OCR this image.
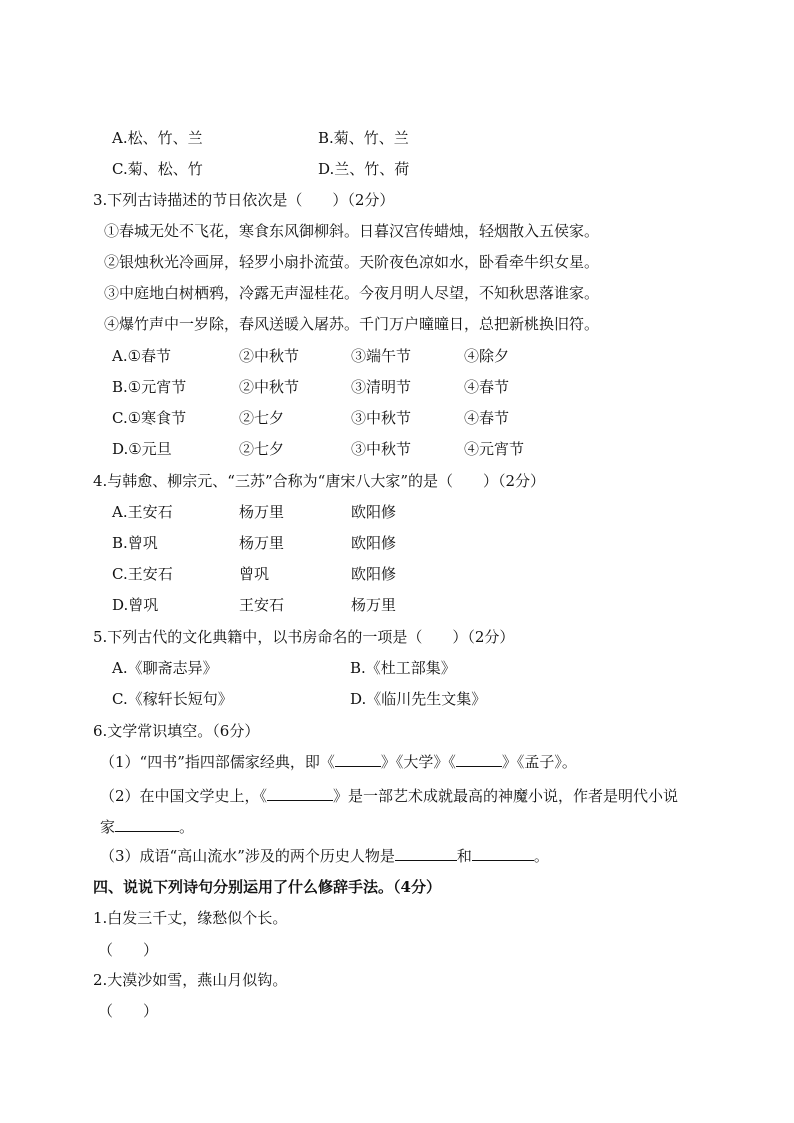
A.松、竹、兰	B.菊、竹、兰
C.菊、松、竹	D.兰、竹、荷
3.下列古诗描述的节日依次是（　　）（2分）
①春城无处不飞花，寒食东风御柳斜。日暮汉宫传蜡烛，轻烟散入五侯家。
②银烛秋光冷画屏，轻罗小扇扑流萤。天阶夜色凉如水，卧看牵牛织女星。
③中庭地白树栖鸦，冷露无声湿桂花。今夜月明人尽望，不知秋思落谁家。
④爆竹声中一岁除，春风送暖入屠苏。千门万户曈曈日，总把新桃换旧符。
A.①春节	②中秋节	③端午节	④除夕
B.①元宵节	②中秋节	③清明节	④春节
C.①寒食节	②七夕	③中秋节	④春节
D.①元旦	②七夕	③中秋节	④元宵节
4.与韩愈、柳宗元、“三苏”合称为“唐宋八大家”的是（　　）（2分）
A.王安石	杨万里	欧阳修
B.曾巩	杨万里	欧阳修
C.王安石	曾巩	欧阳修
D.曾巩	王安石	杨万里
5.下列古代的文化典籍中，以书房命名的一项是（　　）（2分）
A.《聊斋志异》	B.《杜工部集》
C.《稼轩长短句》	D.《临川先生文集》
6.文学常识填空。（6分）
（1）“四书”指四部儒家经典，即《	》《大学》《	》《孟子》。
（2）在中国文学史上，《	》是一部艺术成就最高的神魔小说，作者是明代小说
家	。
（3）成语“高山流水”涉及的两个历史人物是	和	。
四、说说下列诗句分别运用了什么修辞手法。（4分）
1.白发三千丈，缘愁似个长。
（　　）
2.大漠沙如雪，燕山月似钩。
（　　）
